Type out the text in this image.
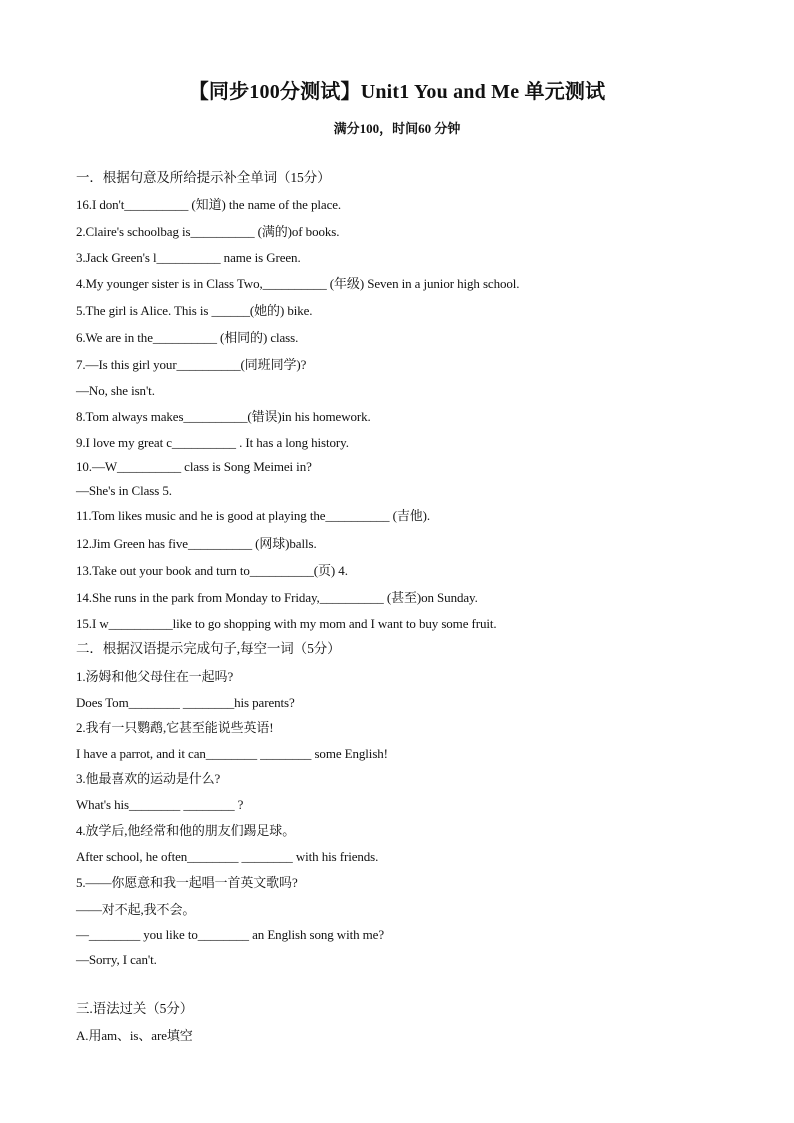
【同步100分测试】Unit1 You and Me 单元测试
满分100，时间60 分钟
一．根据句意及所给提示补全单词（15分）
16.I don't__________ (知道) the name of the place.
2.Claire's schoolbag is__________ (满的)of books.
3.Jack Green's l__________ name is Green.
4.My younger sister is in Class Two,__________ (年级) Seven in a junior high school.
5.The girl is Alice. This is ______(她的) bike.
6.We are in the__________ (相同的) class.
7.—Is this girl your__________(同班同学)?
—No, she isn't.
8.Tom always makes__________(错误)in his homework.
9.I love my great c__________ . It has a long history.
10.—W__________ class is Song Meimei in?
—She's in Class 5.
11.Tom likes music and he is good at playing the__________ (吉他).
12.Jim Green has five__________ (网球)balls.
13.Take out your book and turn to__________(页) 4.
14.She runs in the park from Monday to Friday,__________ (甚至)on Sunday.
15.I w__________like to go shopping with my mom and I want to buy some fruit.
二．根据汉语提示完成句子,每空一词（5分）
1.汤姆和他父母住在一起吗?
Does Tom________ ________his parents?
2.我有一只鹦鹉,它甚至能说些英语!
I have a parrot, and it can________ ________ some English!
3.他最喜欢的运动是什么?
What's his________ ________ ?
4.放学后,他经常和他的朋友们踢足球。
After school, he often________ ________ with his friends.
5.——你愿意和我一起唱一首英文歌吗?
——对不起,我不会。
—________ you like to________ an English song with me?
—Sorry, I can't.
三.语法过关（5分）
A.用am、is、are填空
